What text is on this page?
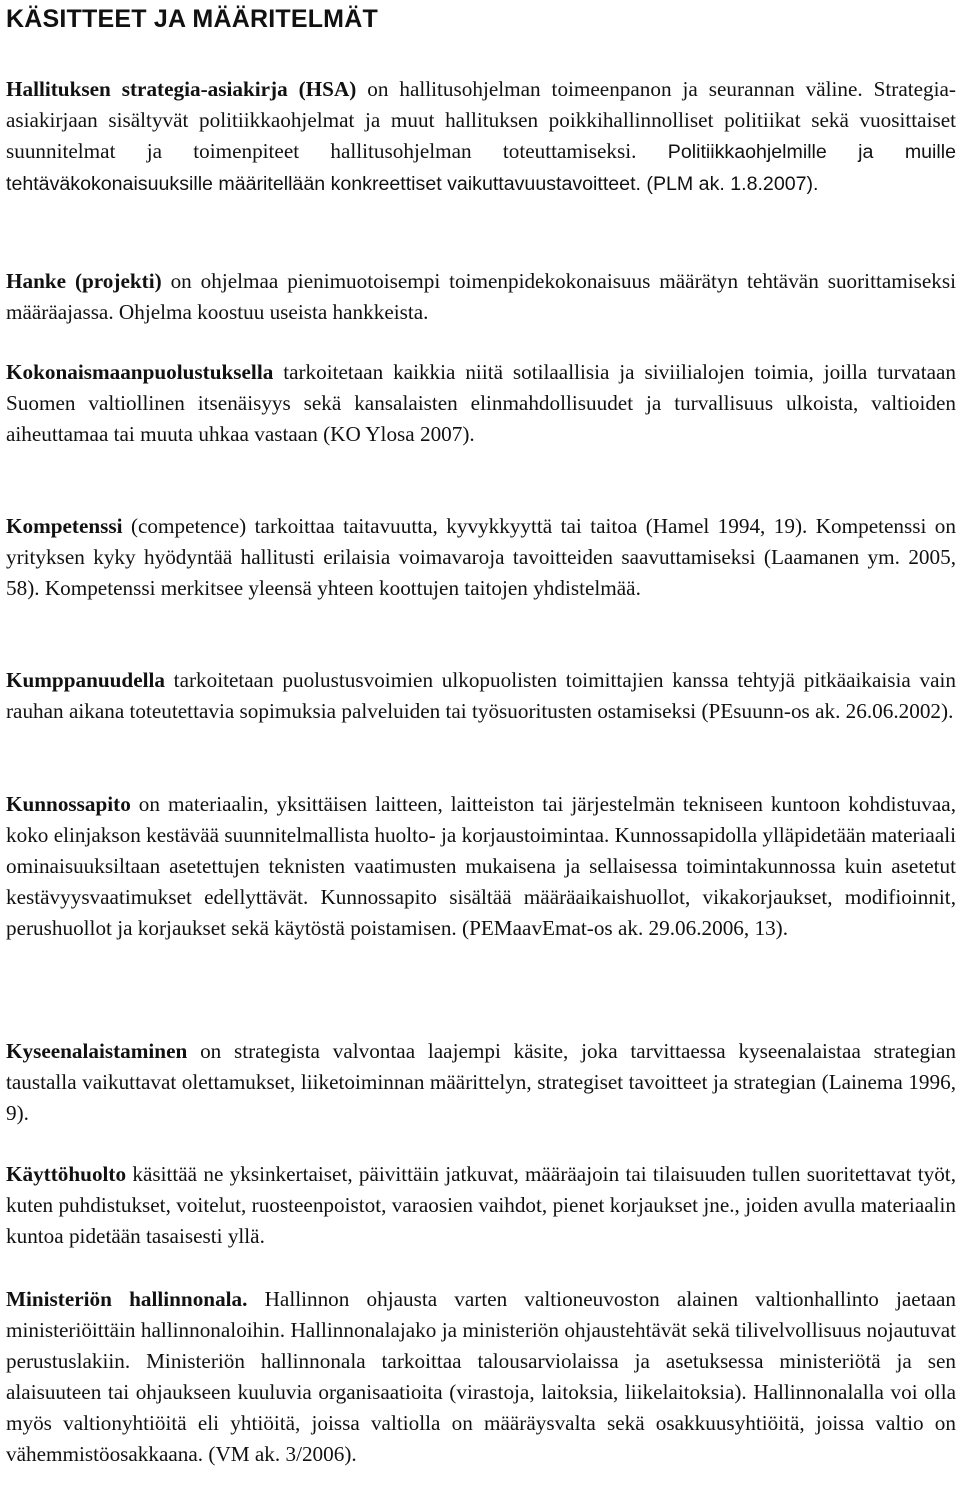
KÄSITTEET JA MÄÄRITELMÄT

Hallituksen strategia-asiakirja (HSA) on hallitusohjelman toimeenpanon ja seurannan väline. Strategia-asiakirjaan sisältyvät politiikkaohjelmat ja muut hallituksen poikkihallinnolliset politiikat sekä vuosittaiset suunnitelmat ja toimenpiteet hallitusohjelman toteuttamiseksi. Politiikkaohjelmille ja muille tehtäväkokonaisuuksille määritellään konkreettiset vaikuttavuustavoitteet. (PLM ak. 1.8.2007).

Hanke (projekti) on ohjelmaa pienimuotoisempi toimenpidekokonaisuus määrätyn tehtävän suorittamiseksi määräajassa. Ohjelma koostuu useista hankkeista.

Kokonaismaanpuolustuksella tarkoitetaan kaikkia niitä sotilaallisia ja siviilialojen toimia, joilla turvataan Suomen valtiollinen itsenäisyys sekä kansalaisten elinmahdollisuudet ja turvallisuus ulkoista, valtioiden aiheuttamaa tai muuta uhkaa vastaan (KO Ylosa 2007).

Kompetenssi (competence) tarkoittaa taitavuutta, kyvykkyyttä tai taitoa (Hamel 1994, 19). Kompetenssi on yrityksen kyky hyödyntää hallitusti erilaisia voimavaroja tavoitteiden saavuttamiseksi (Laamanen ym. 2005, 58). Kompetenssi merkitsee yleensä yhteen koottujen taitojen yhdistelmää.

Kumppanuudella tarkoitetaan puolustusvoimien ulkopuolisten toimittajien kanssa tehtyjä pitkäaikaisia vain rauhan aikana toteutettavia sopimuksia palveluiden tai työsuoritusten ostamiseksi (PEsuunn-os ak. 26.06.2002).

Kunnossapito on materiaalin, yksittäisen laitteen, laitteiston tai järjestelmän tekniseen kuntoon kohdistuvaa, koko elinjakson kestävää suunnitelmallista huolto- ja korjaustoimintaa. Kunnossapidolla ylläpidetään materiaali ominaisuuksiltaan asetettujen teknisten vaatimusten mukaisena ja sellaisessa toimintakunnossa kuin asetetut kestävyysvaatimukset edellyttävät. Kunnossapito sisältää määräaikaishuollot, vikakorjaukset, modifioinnit, perushuollot ja korjaukset sekä käytöstä poistamisen. (PEMaavEmat-os ak. 29.06.2006, 13).

Kyseenalaistaminen on strategista valvontaa laajempi käsite, joka tarvittaessa kyseenalaistaa strategian taustalla vaikuttavat olettamukset, liiketoiminnan määrittelyn, strategiset tavoitteet ja strategian (Lainema 1996, 9).

Käyttöhuolto käsittää ne yksinkertaiset, päivittäin jatkuvat, määräajoin tai tilaisuuden tullen suoritettavat työt, kuten puhdistukset, voitelut, ruosteenpoistot, varaosien vaihdot, pienet korjaukset jne., joiden avulla materiaalin kuntoa pidetään tasaisesti yllä.

Ministeriön hallinnonala. Hallinnon ohjausta varten valtioneuvoston alainen valtionhallinto jaetaan ministeriöittäin hallinnonaloihin. Hallinnonalajako ja ministeriön ohjaustehtävät sekä tilivelvollisuus nojautuvat perustuslakiin. Ministeriön hallinnonala tarkoittaa talousarviolaissa ja asetuksessa ministeriötä ja sen alaisuuteen tai ohjaukseen kuuluvia organisaatioita (virastoja, laitoksia, liikelaitoksia). Hallinnonalalla voi olla myös valtionyhtiöitä eli yhtiöitä, joissa valtiolla on määräysvalta sekä osakkuusyhtiöitä, joissa valtio on vähemmistöosakkaana. (VM ak. 3/2006).
